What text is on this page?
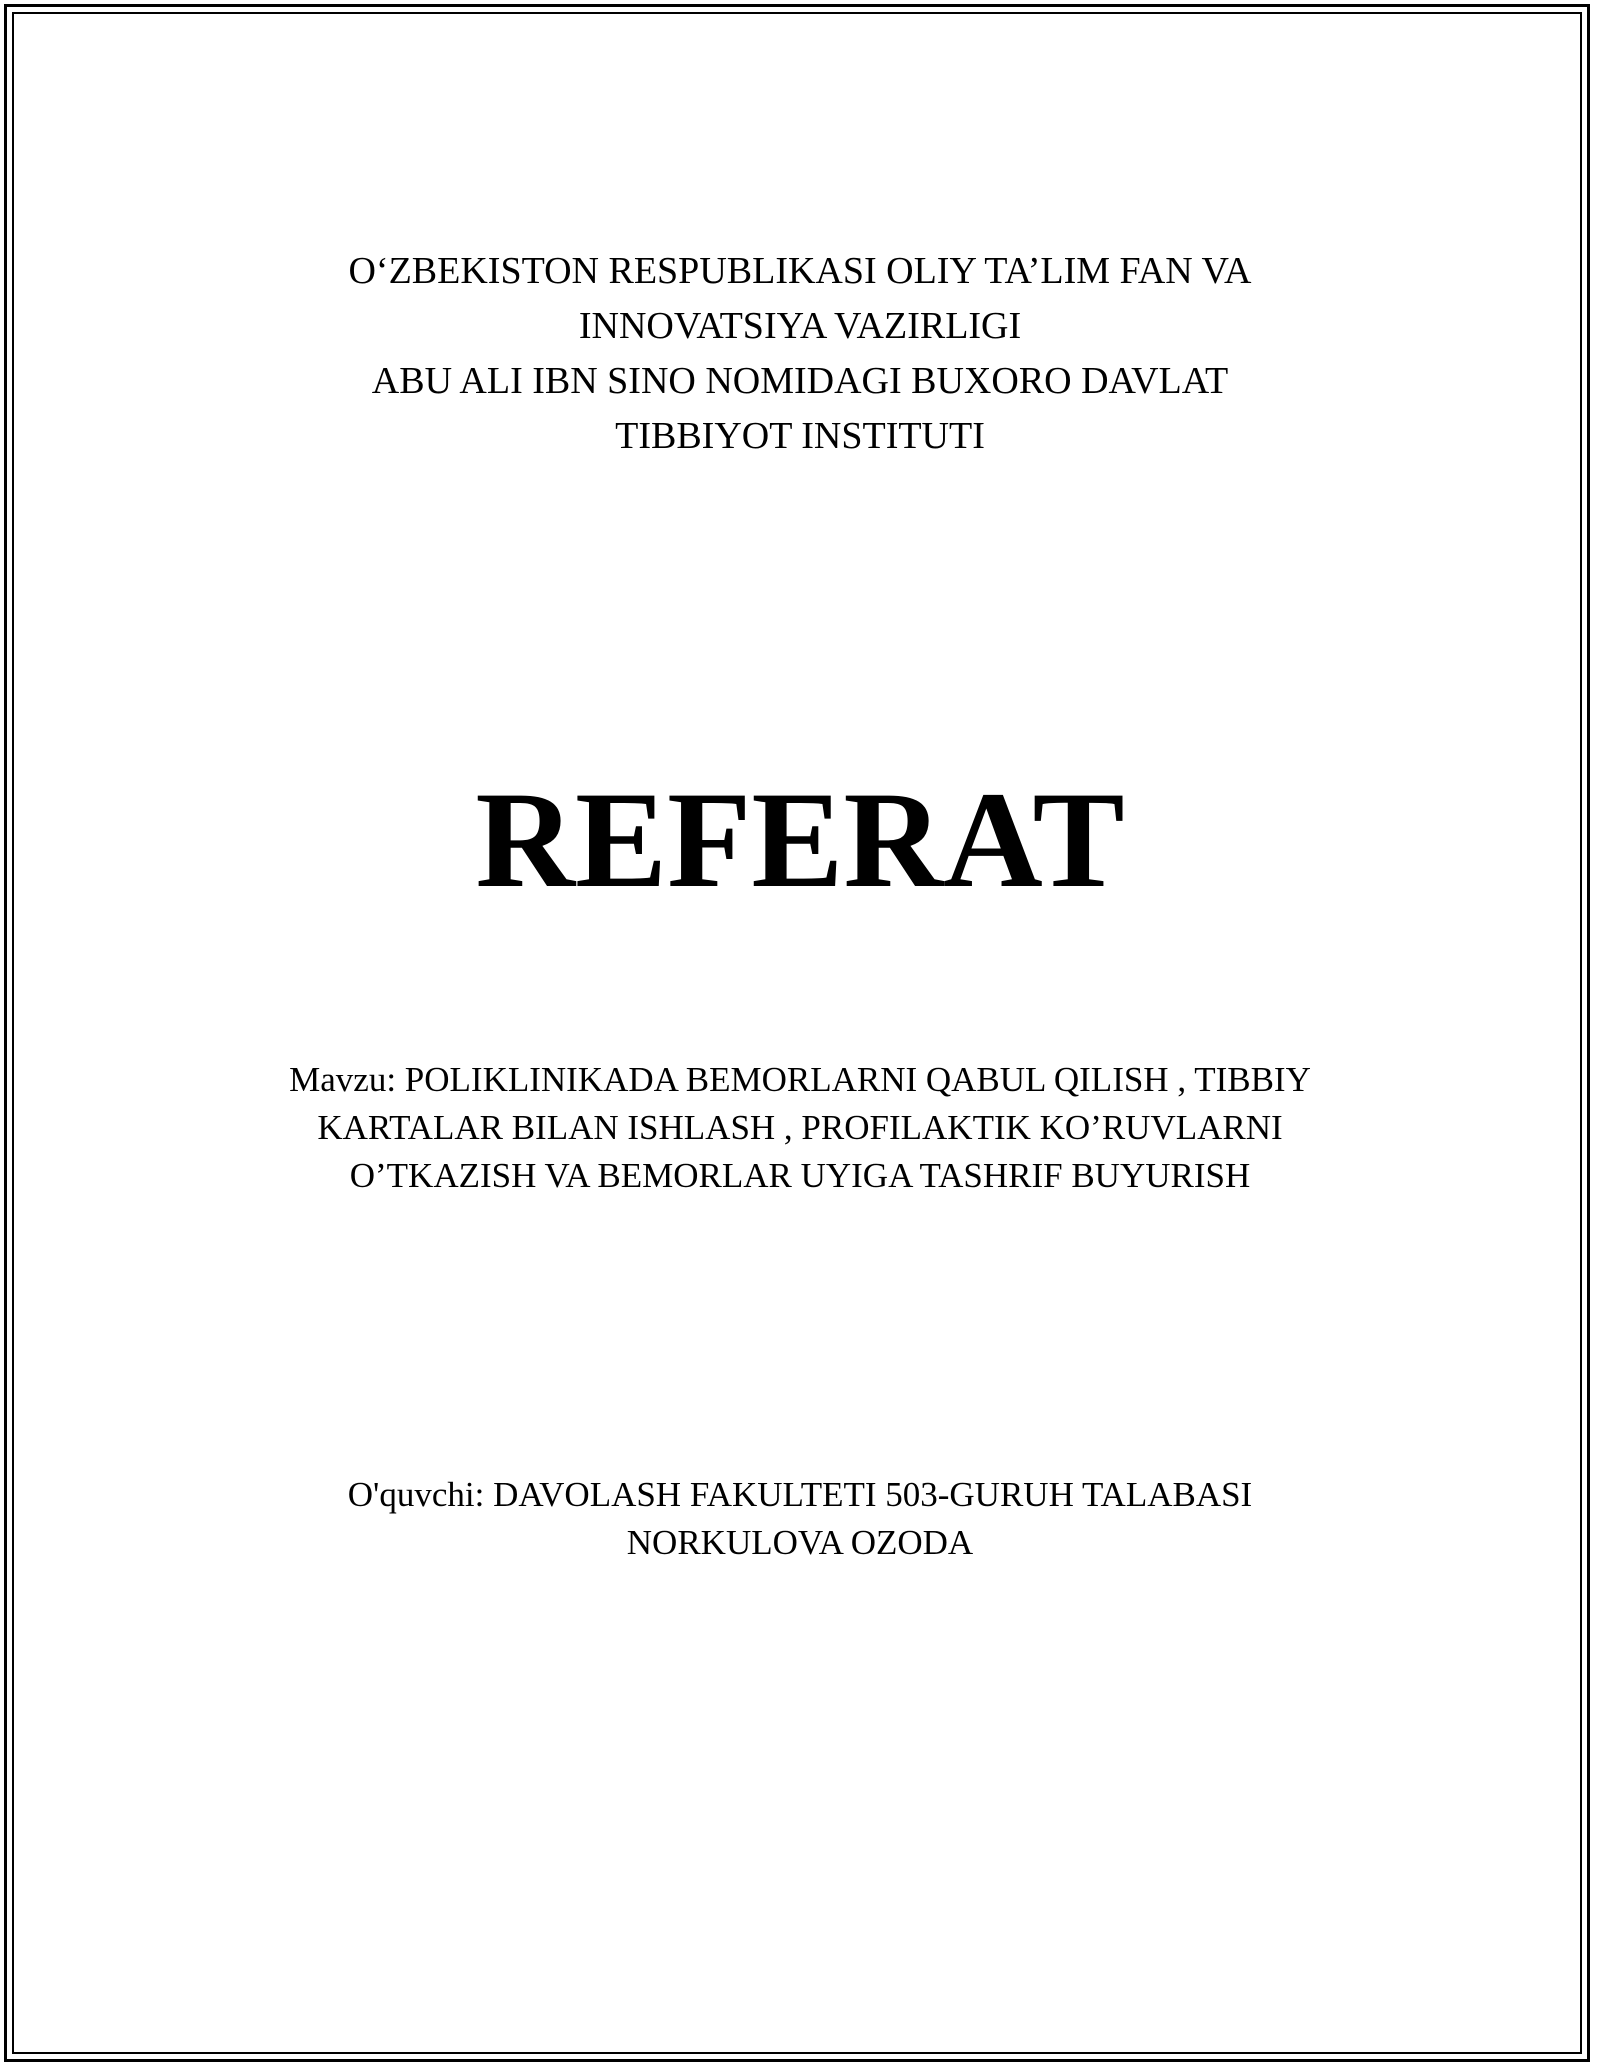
O‘ZBEKISTON RESPUBLIKASI OLIY TA’LIM FAN VA
INNOVATSIYA VAZIRLIGI
ABU ALI IBN SINO NOMIDAGI BUXORO DAVLAT
TIBBIYOT INSTITUTI
REFERAT
Mavzu: POLIKLINIKADA BEMORLARNI QABUL QILISH , TIBBIY
KARTALAR BILAN ISHLASH , PROFILAKTIK KO’RUVLARNI
O’TKAZISH VA BEMORLAR UYIGA TASHRIF BUYURISH
O'quvchi: DAVOLASH FAKULTETI 503-GURUH TALABASI
NORKULOVA OZODA
